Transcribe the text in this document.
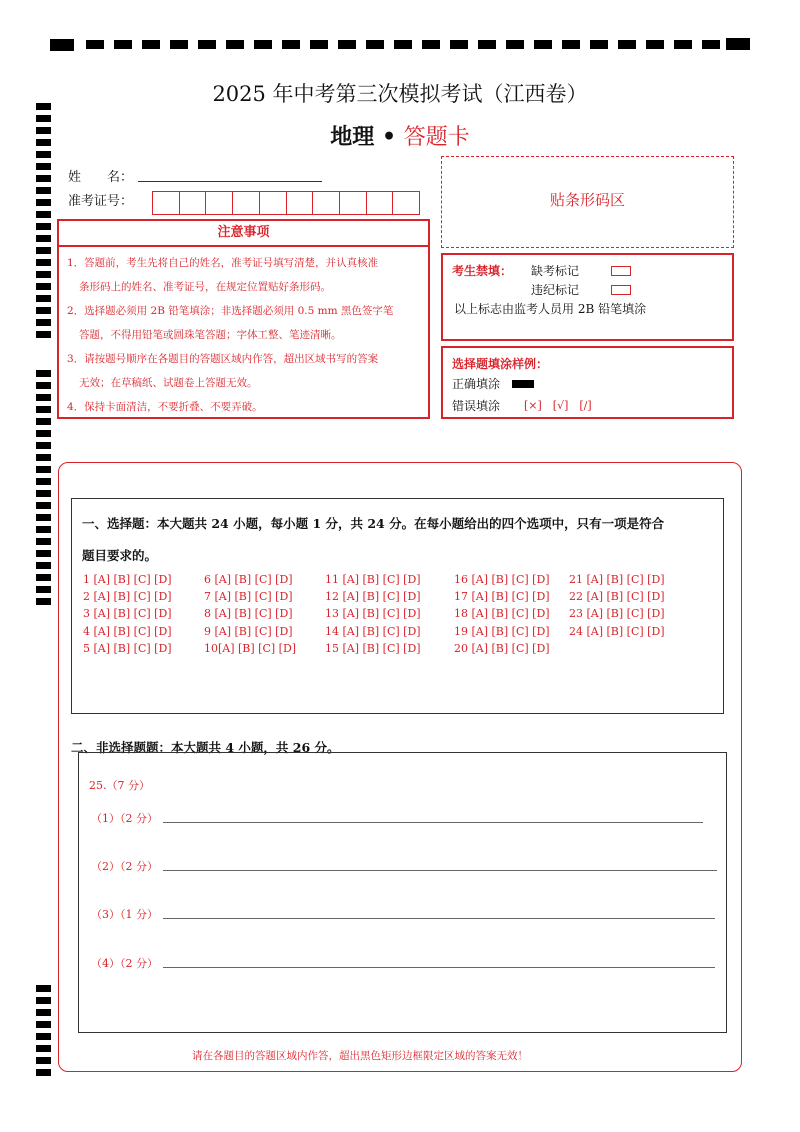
2025 年中考第三次模拟考试（江西卷）
地理 • 答题卡
姓　　名：
准考证号：
注意事项
1．答题前，考生先将自己的姓名，准考证号填写清楚，并认真核准
条形码上的姓名、准考证号，在规定位置贴好条形码。
2．选择题必须用 2B 铅笔填涂；非选择题必须用 0.5 mm 黑色签字笔
答题，不得用铅笔或圆珠笔答题；字体工整、笔迹清晰。
3．请按题号顺序在各题目的答题区域内作答，超出区域书写的答案
无效；在草稿纸、试题卷上答题无效。
4．保持卡面清洁，不要折叠、不要弄破。
贴条形码区
考生禁填： 缺考标记
违纪标记
以上标志由监考人员用 2B 铅笔填涂
选择题填涂样例：
正确填涂
错误填涂 [×]　[√]　[/]
一、选择题：本大题共 24 小题，每小题 1 分，共 24 分。在每小题给出的四个选项中，只有一项是符合
题目要求的。
1 [A] [B] [C] [D]
2 [A] [B] [C] [D]
3 [A] [B] [C] [D]
4 [A] [B] [C] [D]
5 [A] [B] [C] [D]
6 [A] [B] [C] [D]
7 [A] [B] [C] [D]
8 [A] [B] [C] [D]
9 [A] [B] [C] [D]
10[A] [B] [C] [D]
11 [A] [B] [C] [D]
12 [A] [B] [C] [D]
13 [A] [B] [C] [D]
14 [A] [B] [C] [D]
15 [A] [B] [C] [D]
16 [A] [B] [C] [D]
17 [A] [B] [C] [D]
18 [A] [B] [C] [D]
19 [A] [B] [C] [D]
20 [A] [B] [C] [D]
21 [A] [B] [C] [D]
22 [A] [B] [C] [D]
23 [A] [B] [C] [D]
24 [A] [B] [C] [D]
二、非选择题题：本大题共 4 小题，共 26 分。
25.（7 分）
（1）（2 分）
（2）（2 分）
（3）（1 分）
（4）（2 分）
请在各题目的答题区域内作答，超出黑色矩形边框限定区域的答案无效！
